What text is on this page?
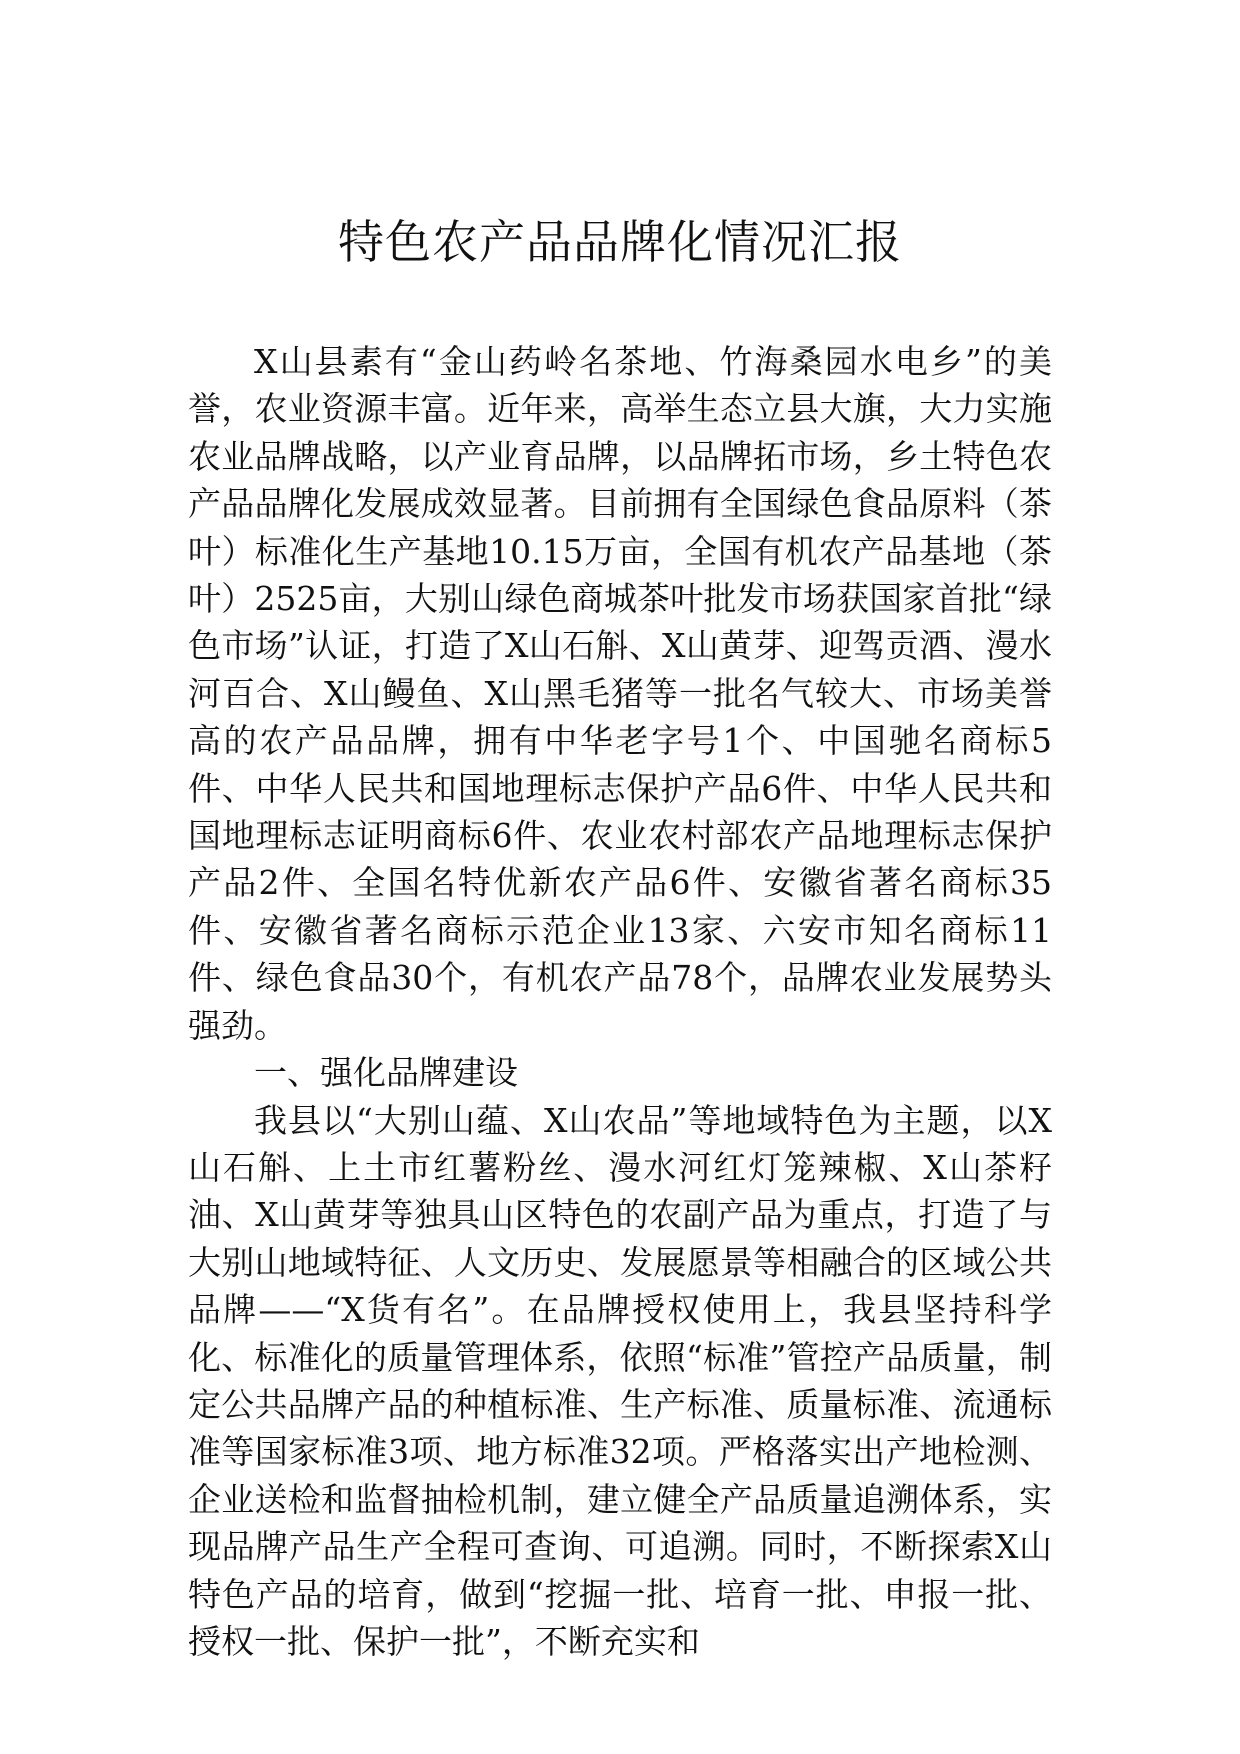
特色农产品品牌化情况汇报

X山县素有“金山药岭名茶地、竹海桑园水电乡”的美誉，农业资源丰富。近年来，高举生态立县大旗，大力实施农业品牌战略，以产业育品牌，以品牌拓市场，乡土特色农产品品牌化发展成效显著。目前拥有全国绿色食品原料（茶叶）标准化生产基地10.15万亩，全国有机农产品基地（茶叶）2525亩，大别山绿色商城茶叶批发市场获国家首批“绿色市场”认证，打造了X山石斛、X山黄芽、迎驾贡酒、漫水河百合、X山鳗鱼、X山黑毛猪等一批名气较大、市场美誉高的农产品品牌，拥有中华老字号1个、中国驰名商标5件、中华人民共和国地理标志保护产品6件、中华人民共和国地理标志证明商标6件、农业农村部农产品地理标志保护产品2件、全国名特优新农产品6件、安徽省著名商标35件、安徽省著名商标示范企业13家、六安市知名商标11件、绿色食品30个，有机农产品78个，品牌农业发展势头强劲。

一、强化品牌建设

我县以“大别山蕴、X山农品”等地域特色为主题，以X山石斛、上土市红薯粉丝、漫水河红灯笼辣椒、X山茶籽油、X山黄芽等独具山区特色的农副产品为重点，打造了与大别山地域特征、人文历史、发展愿景等相融合的区域公共品牌——“X货有名”。在品牌授权使用上，我县坚持科学化、标准化的质量管理体系，依照“标准”管控产品质量，制定公共品牌产品的种植标准、生产标准、质量标准、流通标准等国家标准3项、地方标准32项。严格落实出产地检测、企业送检和监督抽检机制，建立健全产品质量追溯体系，实现品牌产品生产全程可查询、可追溯。同时，不断探索X山特色产品的培育，做到“挖掘一批、培育一批、申报一批、授权一批、保护一批”，不断充实和
